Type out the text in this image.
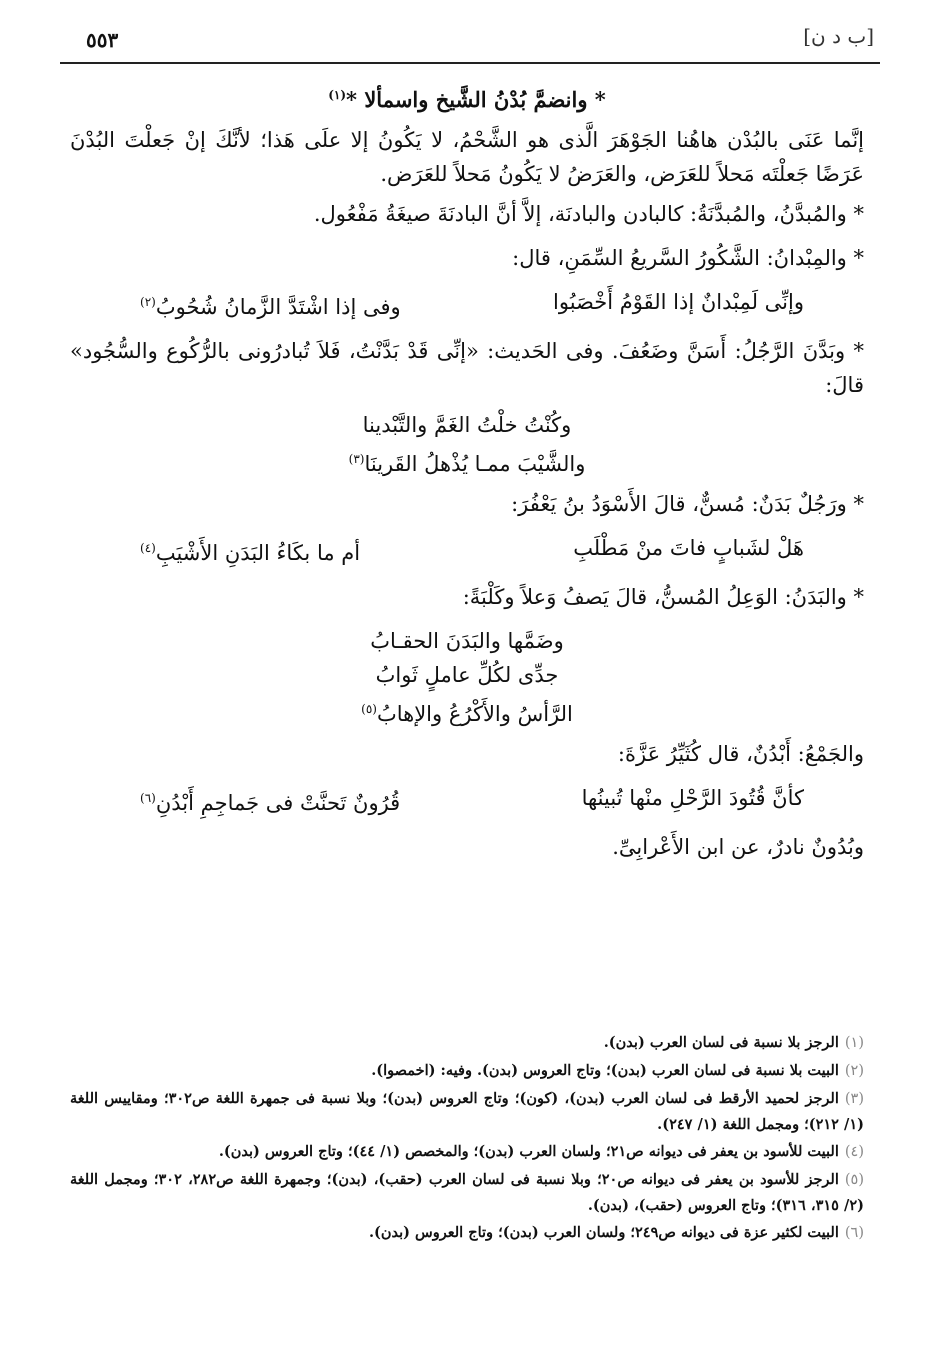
[ب د ن]
٥٥٣
* وانضمَّ بُدْنُ الشَّيخ واسمألا *$^{(١)}$

إنَّما عَنَى بالبُدْن هاهُنا الجَوْهَرَ الَّذى هو الشَّحْمُ، لا يَكُونُ إلا علَى هَذا؛ لأنَّكَ إنْ جَعلْتَ البُدْنَ عَرَضًا جَعلْتَه مَحلاً للعَرَض، والعَرَضُ لا يَكُونُ مَحلاً للعَرَض.

* والمُبدَّنُ، والمُبدَّنَةُ: كالبادن والبادنَة، إلاَّ أنَّ البادنَةَ صيغَةُ مَفْعُول.

* والمِبْدانُ: الشَّكُورُ السَّريعُ السِّمَنِ، قال:

وإنِّى لَمِبْدانٌ إذا القَوْمُ أَخْصَبُوا
وفى إذا اشْتَدَّ الزَّمانُ شُحُوبُ$^{(٢)}$

* وبَدَّنَ الرَّجُلُ: أَسَنَّ وضَعُفَ. وفى الحَديث: «إنِّى قَدْ بَدَّنْتُ، فَلاَ تُبادرُونى بالرُّكُوع والسُّجُود» قالَ:

وكُنْتُ خلْتُ الغَمَّ والتَّبْدينا
والشَّيْبَ ممـا يُذْهلُ القَرينَا$^{(٣)}$

* ورَجُلٌ بَدَنٌ: مُسنٌّ، قالَ الأَسْوَدُ بنُ يَعْفُرَ:

هَلْ لشَبابٍ فاتَ منْ مَطْلَبِ
أم ما بكَاءُ البَدَنِ الأَشْيَبِ$^{(٤)}$

* والبَدَنُ: الوَعِلُ المُسنُّ، قالَ يَصفُ وَعلاً وكَلْبَةً:

وضَمَّها والبَدَنَ الحقـابُ
جدِّى لكُلِّ عاملٍ ثَوابُ
الرَّأسُ والأَكْرُعُ والإهابُ$^{(٥)}$

والجَمْعُ: أَبْدُنٌ، قال كُثَيِّرُ عَزَّةَ:

كأنَّ قُتُودَ الرَّحْلِ منْها تُبينُها
قُرُونٌ تَحنَّتْ فى جَماجِمِ أَبْدُنِ$^{(٦)}$

وبُدُونٌ نادرٌ، عن ابن الأَعْرابِىِّ.

(١)الرجز بلا نسبة فى لسان العرب (بدن).
(٢)البيت بلا نسبة فى لسان العرب (بدن)؛ وتاج العروس (بدن). وفيه: (اخمصوا).
(٣)الرجز لحميد الأرقط فى لسان العرب (بدن)، (كون)؛ وتاج العروس (بدن)؛ وبلا نسبة فى جمهرة اللغة ص٣٠٢؛ ومقاييس اللغة (١/ ٢١٢)؛ ومجمل اللغة (١/ ٢٤٧).
(٤)البيت للأسود بن يعفر فى ديوانه ص٢١؛ ولسان العرب (بدن)؛ والمخصص (١/ ٤٤)؛ وتاج العروس (بدن).
(٥)الرجز للأسود بن يعفر فى ديوانه ص٢٠؛ وبلا نسبة فى لسان العرب (حقب)، (بدن)؛ وجمهرة اللغة ص٢٨٢، ٣٠٢؛ ومجمل اللغة (٢/ ٣١٥، ٣١٦)؛ وتاج العروس (حقب)، (بدن).
(٦)البيت لكثير عزة فى ديوانه ص٢٤٩؛ ولسان العرب (بدن)؛ وتاج العروس (بدن).
